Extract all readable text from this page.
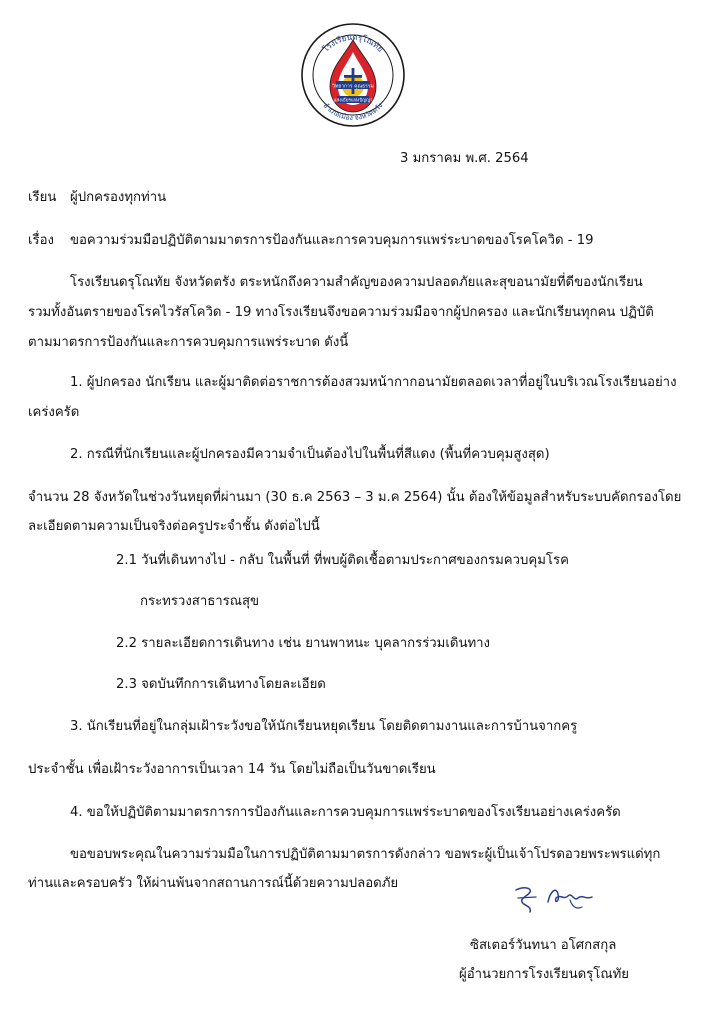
โรงเรียนดรุโณทัย
อำเภอเมือง จังหวัดตรัง
วิทยาการ คุณธรรม
แสงเธียรแห่งปัญญา
3 มกราคม พ.ศ. 2564
เรียน ผู้ปกครองทุกท่าน
เรื่อง ขอความร่วมมือปฏิบัติตามมาตรการป้องกันและการควบคุมการแพร่ระบาดของโรคโควิด - 19
โรงเรียนดรุโณทัย จังหวัดตรัง ตระหนักถึงความสำคัญของความปลอดภัยและสุขอนามัยที่ดีของนักเรียน
รวมทั้งอันตรายของโรคไวรัสโควิด - 19 ทางโรงเรียนจึงขอความร่วมมือจากผู้ปกครอง และนักเรียนทุกคน ปฏิบัติ
ตามมาตรการป้องกันและการควบคุมการแพร่ระบาด ดังนี้
1. ผู้ปกครอง นักเรียน และผู้มาติดต่อราชการต้องสวมหน้ากากอนามัยตลอดเวลาที่อยู่ในบริเวณโรงเรียนอย่าง
เคร่งครัด
2. กรณีที่นักเรียนและผู้ปกครองมีความจำเป็นต้องไปในพื้นที่สีแดง (พื้นที่ควบคุมสูงสุด)
จำนวน 28 จังหวัดในช่วงวันหยุดที่ผ่านมา (30 ธ.ค 2563 – 3 ม.ค 2564) นั้น ต้องให้ข้อมูลสำหรับระบบคัดกรองโดย
ละเอียดตามความเป็นจริงต่อครูประจำชั้น ดังต่อไปนี้
2.1 วันที่เดินทางไป - กลับ ในพื้นที่ ที่พบผู้ติดเชื้อตามประกาศของกรมควบคุมโรค
กระทรวงสาธารณสุข
2.2 รายละเอียดการเดินทาง เช่น ยานพาหนะ บุคลากรร่วมเดินทาง
2.3 จดบันทึกการเดินทางโดยละเอียด
3. นักเรียนที่อยู่ในกลุ่มเฝ้าระวังขอให้นักเรียนหยุดเรียน โดยติดตามงานและการบ้านจากครู
ประจำชั้น เพื่อเฝ้าระวังอาการเป็นเวลา 14 วัน โดยไม่ถือเป็นวันขาดเรียน
4. ขอให้ปฏิบัติตามมาตรการการป้องกันและการควบคุมการแพร่ระบาดของโรงเรียนอย่างเคร่งครัด
ขอขอบพระคุณในความร่วมมือในการปฏิบัติตามมาตรการดังกล่าว ขอพระผู้เป็นเจ้าโปรดอวยพระพรแด่ทุก
ท่านและครอบครัว ให้ผ่านพ้นจากสถานการณ์นี้ด้วยความปลอดภัย
ซิสเตอร์วันทนา อโศกสกุล
ผู้อำนวยการโรงเรียนดรุโณทัย
